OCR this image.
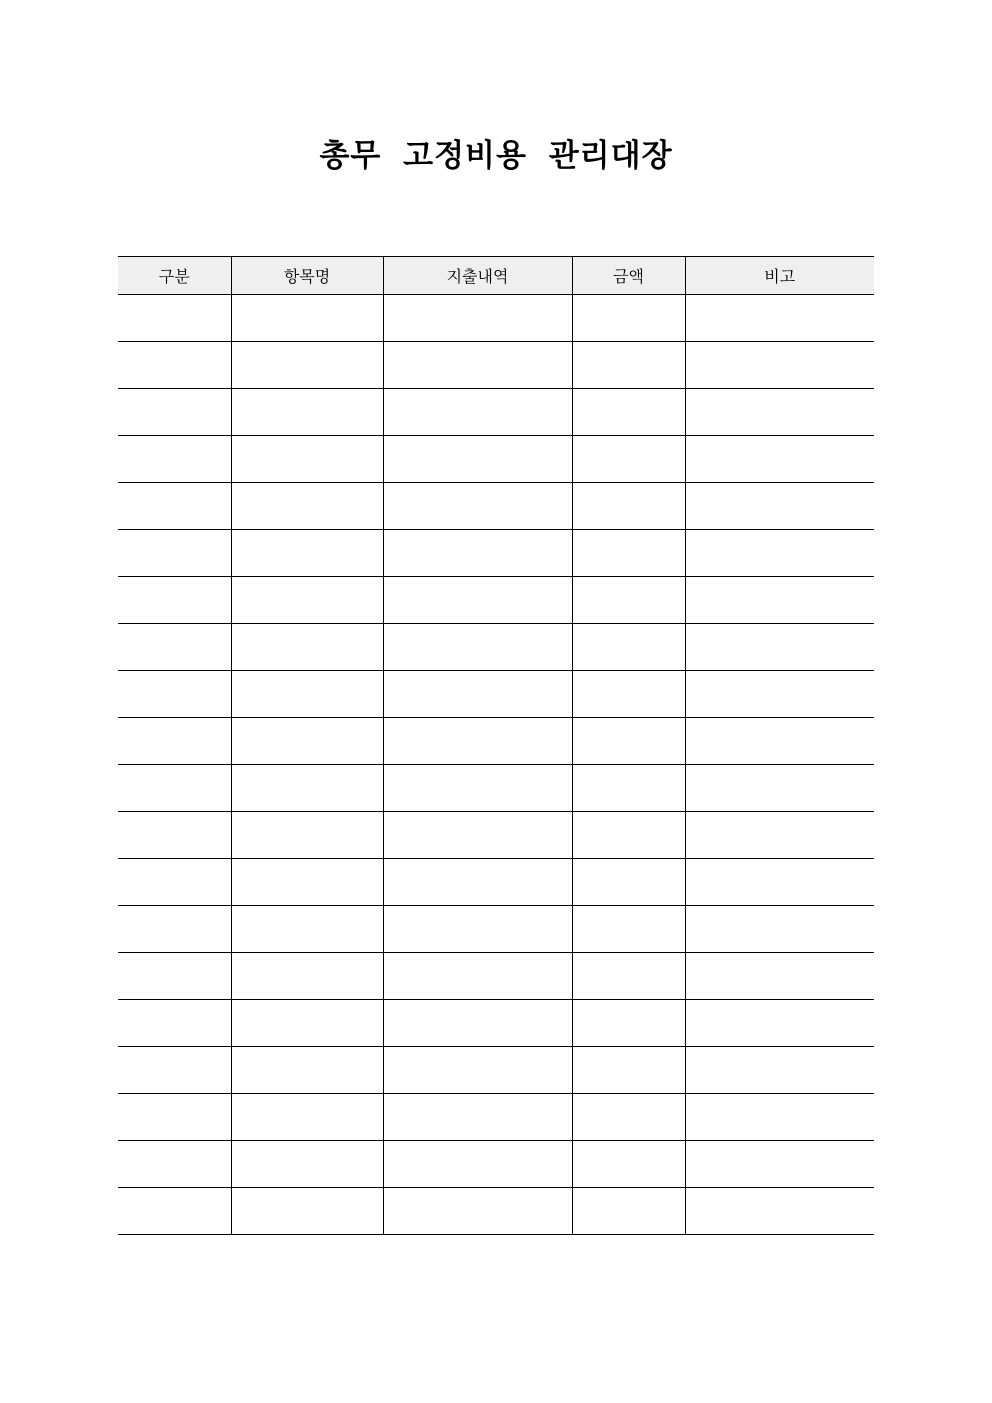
총무 고정비용 관리대장
구분	항목명	지출내역	금액	비고
